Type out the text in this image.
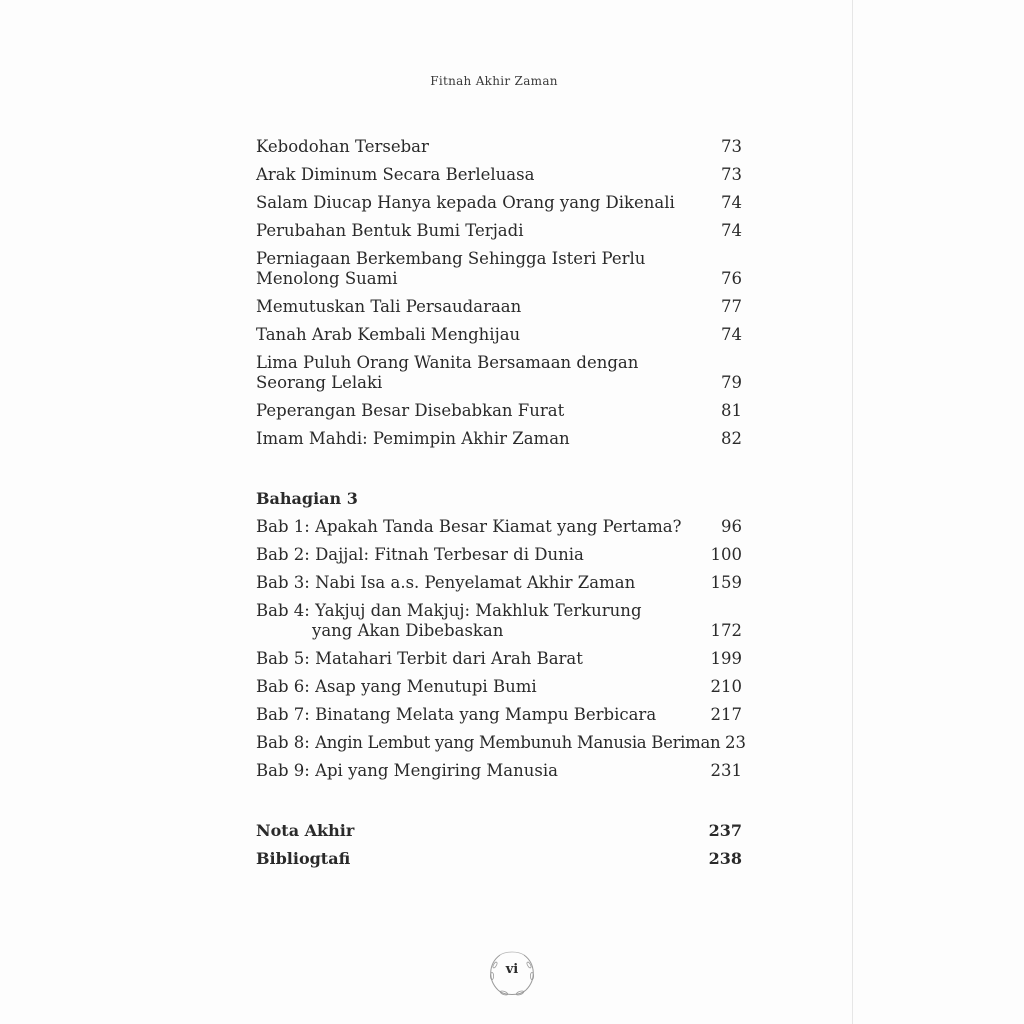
Fitnah Akhir Zaman
Kebodohan Tersebar	73
Arak Diminum Secara Berleluasa	73
Salam Diucap Hanya kepada Orang yang Dikenali	74
Perubahan Bentuk Bumi Terjadi	74
Perniagaan Berkembang Sehingga Isteri Perlu
Menolong Suami	76
Memutuskan Tali Persaudaraan	77
Tanah Arab Kembali Menghijau	74
Lima Puluh Orang Wanita Bersamaan dengan
Seorang Lelaki	79
Peperangan Besar Disebabkan Furat	81
Imam Mahdi: Pemimpin Akhir Zaman	82
Bahagian 3
Bab 1: Apakah Tanda Besar Kiamat yang Pertama?	96
Bab 2: Dajjal: Fitnah Terbesar di Dunia	100
Bab 3: Nabi Isa a.s. Penyelamat Akhir Zaman	159
Bab 4: Yakjuj dan Makjuj: Makhluk Terkurung
yang Akan Dibebaskan	172
Bab 5: Matahari Terbit dari Arah Barat	199
Bab 6: Asap yang Menutupi Bumi	210
Bab 7: Binatang Melata yang Mampu Berbicara	217
Bab 8: Angin Lembut yang Membunuh Manusia Beriman 23
Bab 9: Api yang Mengiring Manusia	231
Nota Akhir	237
Bibliogtafi	238
vi
